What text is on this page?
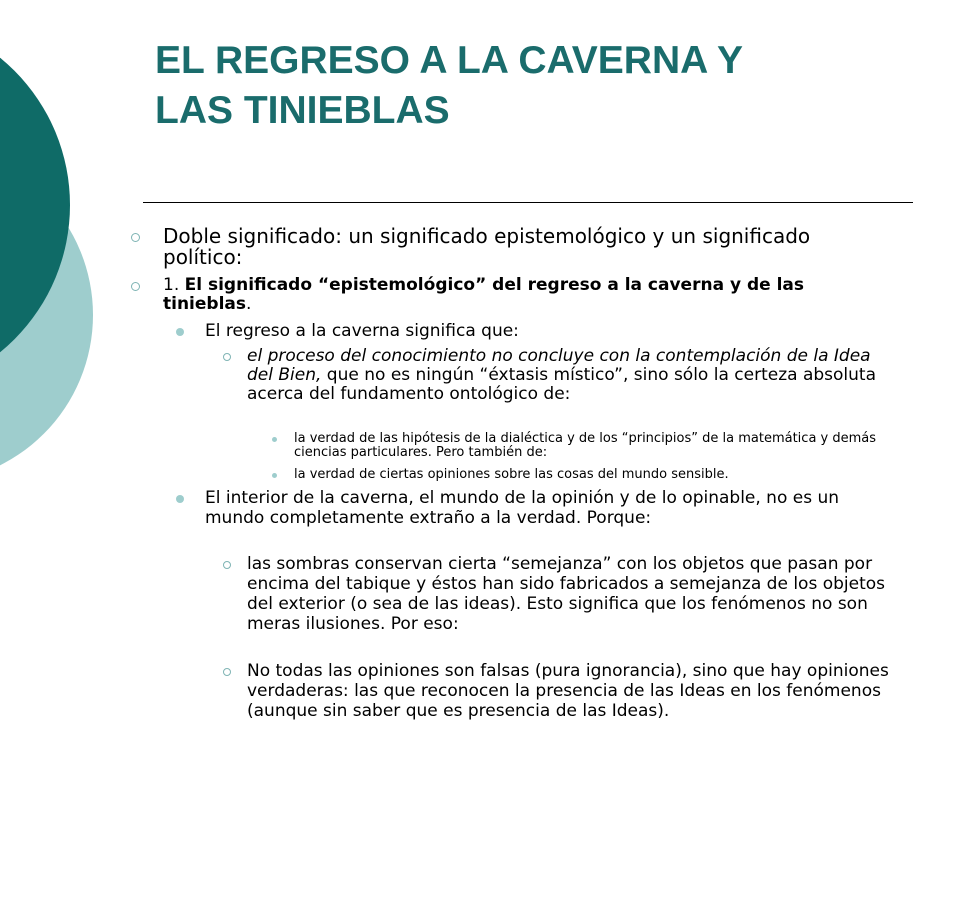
EL REGRESO A LA CAVERNA Y
LAS TINIEBLAS

Doble significado: un significado epistemológico y un significado político:

1. El significado “epistemológico” del regreso a la caverna y de las tinieblas.

El regreso a la caverna significa que:

el proceso del conocimiento no concluye con la contemplación de la Idea del Bien, que no es ningún “éxtasis místico”, sino sólo la certeza absoluta acerca del fundamento ontológico de:

la verdad de las hipótesis de la dialéctica y de los “principios” de la matemática y demás ciencias particulares. Pero también de:

la verdad de ciertas opiniones sobre las cosas del mundo sensible.

El interior de la caverna, el mundo de la opinión y de lo opinable, no es un mundo completamente extraño a la verdad. Porque:

las sombras conservan cierta “semejanza” con los objetos que pasan por encima del tabique y éstos han sido fabricados a semejanza de los objetos del exterior (o sea de las ideas). Esto significa que los fenómenos no son meras ilusiones. Por eso:

No todas las opiniones son falsas (pura ignorancia), sino que hay opiniones verdaderas: las que reconocen la presencia de las Ideas en los fenómenos (aunque sin saber que es presencia de las Ideas).
